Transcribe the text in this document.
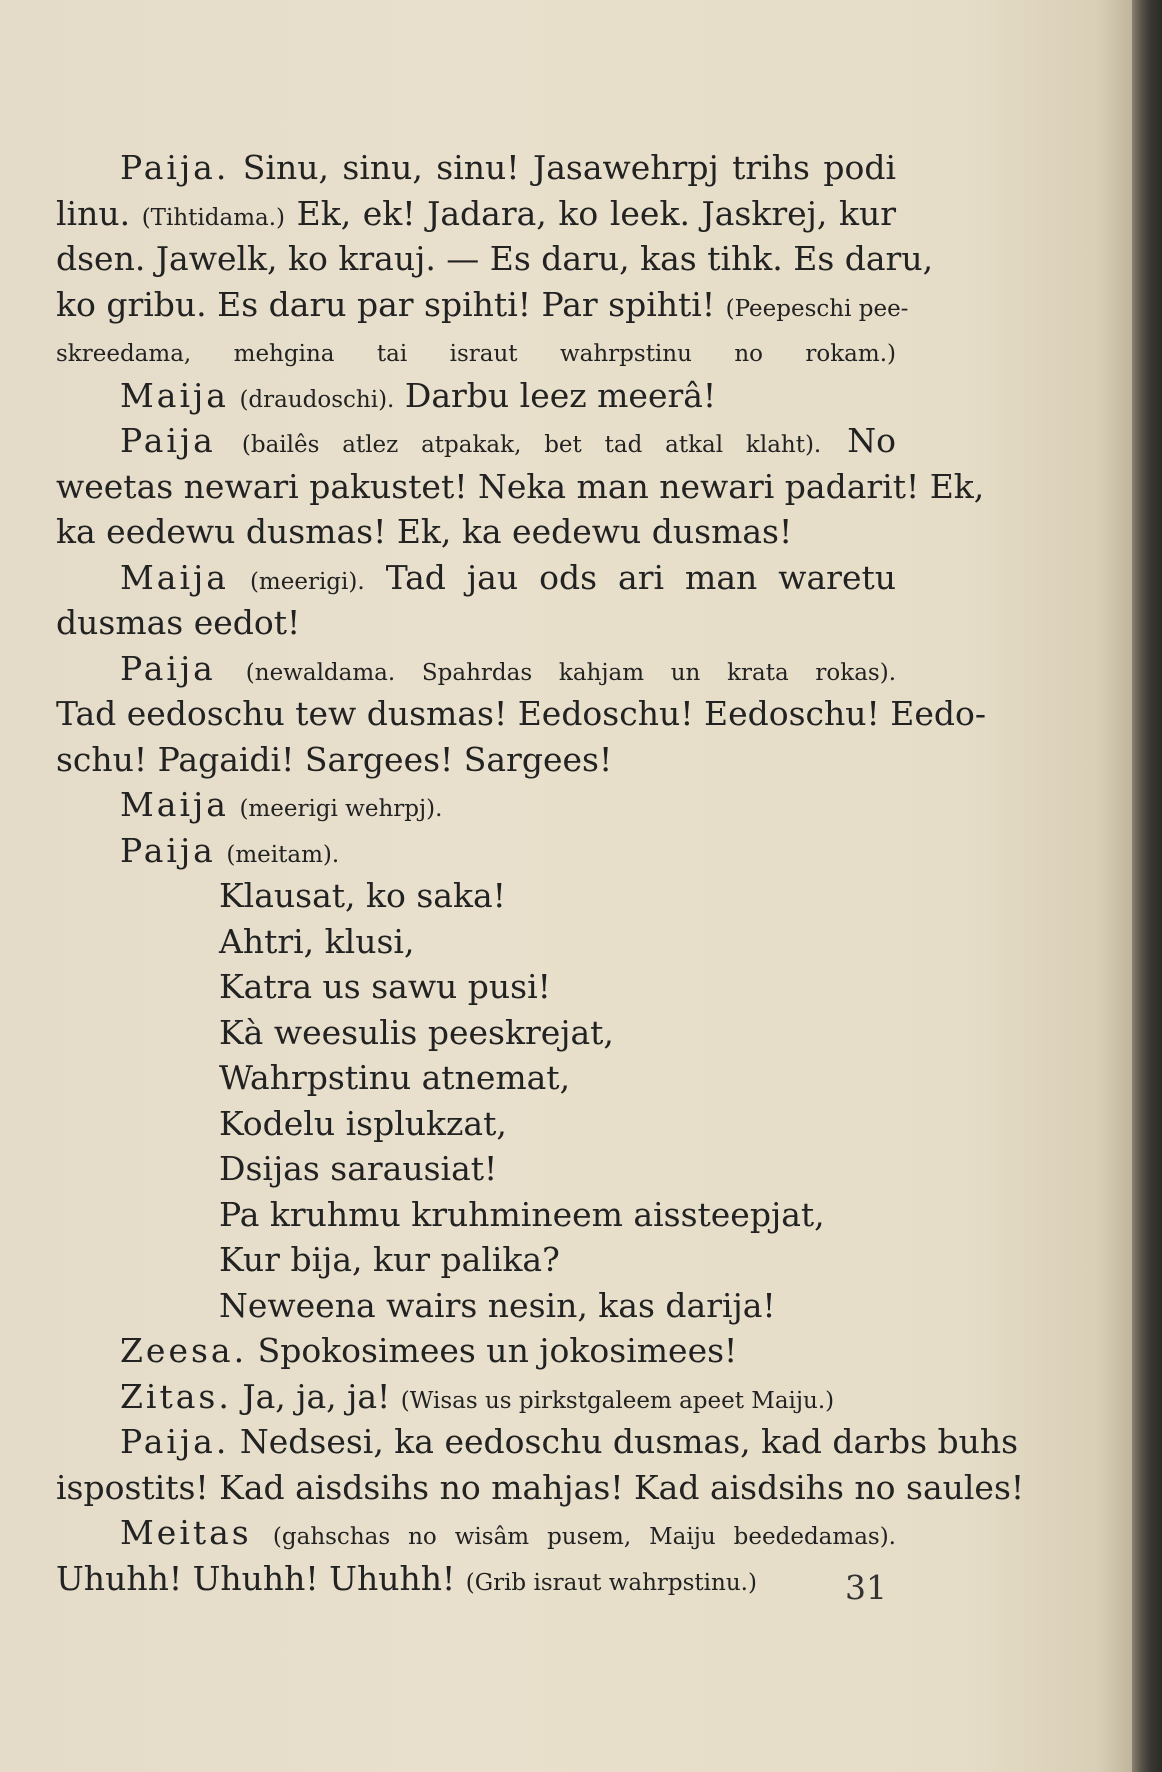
Paija. Sinu, sinu, sinu! Jasawehrpj trihs podi
linu. (Tihtidama.) Ek, ek! Jadara, ko leek. Jaskrej, kur
dsen. Jawelk, ko krauj. — Es daru, kas tihk. Es daru,
ko gribu. Es daru par spihti! Par spihti! (Peepeschi pee-
skreedama, mehgina tai israut wahrpstinu no rokam.)
Maija (draudoschi). Darbu leez meerâ!
Paija (bailês atlez atpakak, bet tad atkal klaht). No
weetas newari pakustet! Neka man newari padarit! Ek,
ka eedewu dusmas! Ek, ka eedewu dusmas!
Maija (meerigi). Tad jau ods ari man waretu
dusmas eedot!
Paija (newaldama. Spahrdas kahjam un krata rokas).
Tad eedoschu tew dusmas! Eedoschu! Eedoschu! Eedo-
schu! Pagaidi! Sargees! Sargees!
Maija (meerigi wehrpj).
Paija (meitam).
Klausat, ko saka!
Ahtri, klusi,
Katra us sawu pusi!
Kà weesulis peeskrejat,
Wahrpstinu atnemat,
Kodelu isplukzat,
Dsijas sarausiat!
Pa kruhmu kruhmineem aissteepjat,
Kur bija, kur palika?
Neweena wairs nesin, kas darija!
Zeesa. Spokosimees un jokosimees!
Zitas. Ja, ja, ja! (Wisas us pirkstgaleem apeet Maiju.)
Paija. Nedsesi, ka eedoschu dusmas, kad darbs buhs
ispostits! Kad aisdsihs no mahjas! Kad aisdsihs no saules!
Meitas (gahschas no wisâm pusem, Maiju beededamas).
Uhuhh! Uhuhh! Uhuhh! (Grib israut wahrpstinu.)	31
